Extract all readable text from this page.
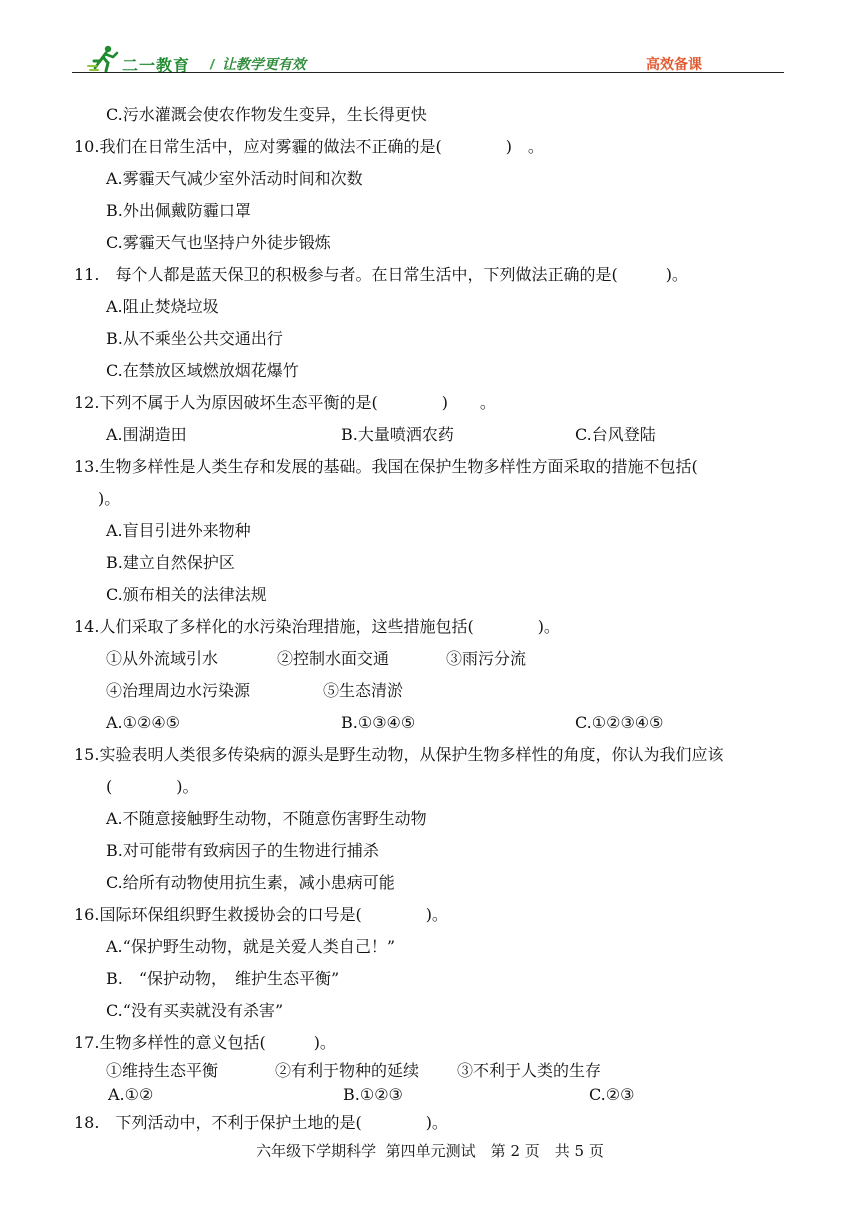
二一教育 / 让教学更有效	高效备课
C.污水灌溉会使农作物发生变异，生长得更快
10.我们在日常生活中，应对雾霾的做法不正确的是(　　　　)　。
A.雾霾天气减少室外活动时间和次数
B.外出佩戴防霾口罩
C.雾霾天气也坚持户外徒步锻炼
11.　每个人都是蓝天保卫的积极参与者。在日常生活中，下列做法正确的是(　　　)。
A.阻止焚烧垃圾
B.从不乘坐公共交通出行
C.在禁放区域燃放烟花爆竹
12.下列不属于人为原因破坏生态平衡的是(　　　　)　　。
A.围湖造田	B.大量喷洒农药	C.台风登陆
13.生物多样性是人类生存和发展的基础。我国在保护生物多样性方面采取的措施不包括(
)。
A.盲目引进外来物种
B.建立自然保护区
C.颁布相关的法律法规
14.人们采取了多样化的水污染治理措施，这些措施包括(　　　　)。
①从外流域引水	②控制水面交通	③雨污分流
④治理周边水污染源	⑤生态清淤
A.①②④⑤	B.①③④⑤	C.①②③④⑤
15.实验表明人类很多传染病的源头是野生动物，从保护生物多样性的角度，你认为我们应该
(　　　　)。
A.不随意接触野生动物，不随意伤害野生动物
B.对可能带有致病因子的生物进行捕杀
C.给所有动物使用抗生素，减小患病可能
16.国际环保组织野生救援协会的口号是(　　　　)。
A.“保护野生动物，就是关爱人类自己！”
B.　“保护动物，　维护生态平衡”
C.“没有买卖就没有杀害”
17.生物多样性的意义包括(　　　)。
①维持生态平衡	②有利于物种的延续 ③不利于人类的生存
A.①②	B.①②③	C.②③
18.　下列活动中，不利于保护土地的是(　　　　)。
六年级下学期科学  第四单元测试　第 2 页　共 5 页
